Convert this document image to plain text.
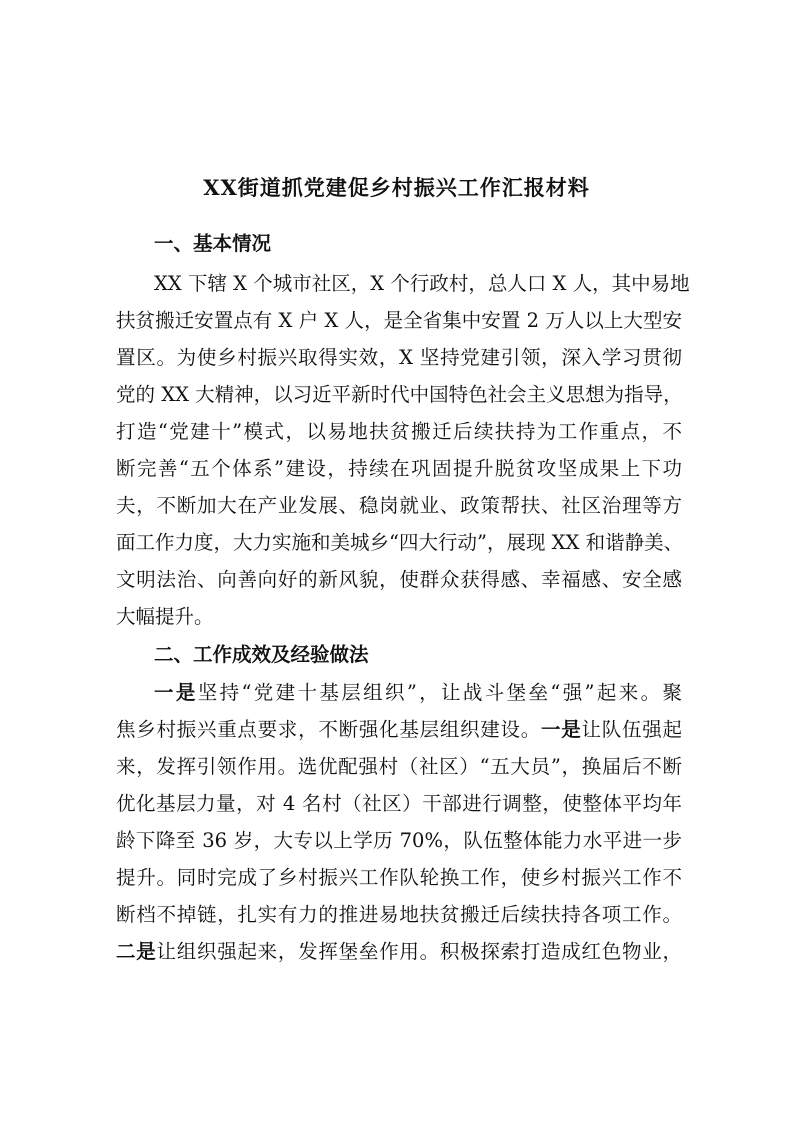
XX街道抓党建促乡村振兴工作汇报材料
一、基本情况
XX 下辖 X 个城市社区，X 个行政村，总人口 X 人，其中易地
扶贫搬迁安置点有 X 户 X 人，是全省集中安置 2 万人以上大型安
置区。为使乡村振兴取得实效，X 坚持党建引领，深入学习贯彻
党的 XX 大精神，以习近平新时代中国特色社会主义思想为指导，
打造“党建十”模式，以易地扶贫搬迁后续扶持为工作重点，不
断完善“五个体系”建设，持续在巩固提升脱贫攻坚成果上下功
夫，不断加大在产业发展、稳岗就业、政策帮扶、社区治理等方
面工作力度，大力实施和美城乡“四大行动”，展现 XX 和谐静美、
文明法治、向善向好的新风貌，使群众获得感、幸福感、安全感
大幅提升。
二、工作成效及经验做法
一是坚持“党建十基层组织”，让战斗堡垒“强”起来。聚
焦乡村振兴重点要求，不断强化基层组织建设。一是让队伍强起
来，发挥引领作用。选优配强村（社区）“五大员”，换届后不断
优化基层力量，对 4 名村（社区）干部进行调整，使整体平均年
龄下降至 36 岁，大专以上学历 70%，队伍整体能力水平进一步
提升。同时完成了乡村振兴工作队轮换工作，使乡村振兴工作不
断档不掉链，扎实有力的推进易地扶贫搬迁后续扶持各项工作。
二是让组织强起来，发挥堡垒作用。积极探索打造成红色物业，
